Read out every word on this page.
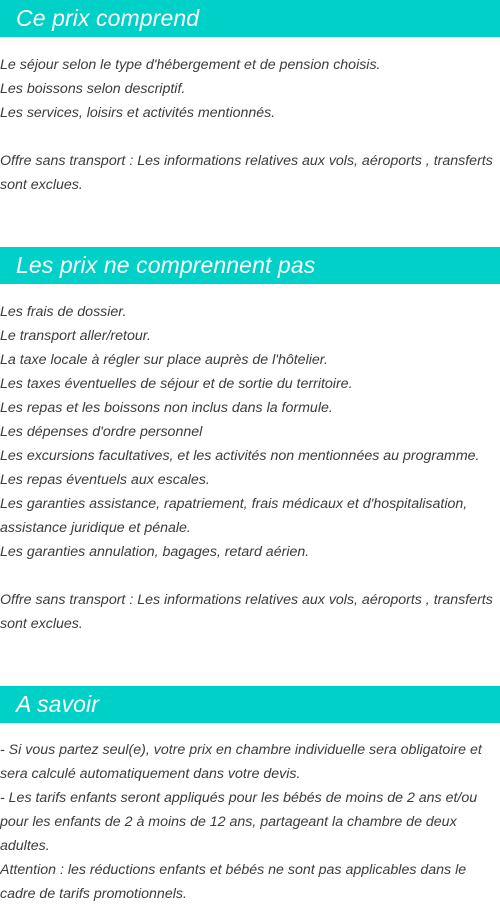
Ce prix comprend
Le séjour selon le type d'hébergement et de pension choisis.
Les boissons selon descriptif.
Les services, loisirs et activités mentionnés.
Offre sans transport : Les informations relatives aux vols, aéroports , transferts sont exclues.
Les prix ne comprennent pas
Les frais de dossier.
Le transport aller/retour.
La taxe locale à régler sur place auprès de l'hôtelier.
Les taxes éventuelles de séjour et de sortie du territoire.
Les repas et les boissons non inclus dans la formule.
Les dépenses d'ordre personnel
Les excursions facultatives, et les activités non mentionnées au programme.
Les repas éventuels aux escales.
Les garanties assistance, rapatriement, frais médicaux et d'hospitalisation, assistance juridique et pénale.
Les garanties annulation, bagages, retard aérien.
Offre sans transport : Les informations relatives aux vols, aéroports , transferts sont exclues.
A savoir
- Si vous partez seul(e), votre prix en chambre individuelle sera obligatoire et sera calculé automatiquement dans votre devis.
- Les tarifs enfants seront appliqués pour les bébés de moins de 2 ans et/ou pour les enfants de 2 à moins de 12 ans, partageant la chambre de deux adultes.
Attention : les réductions enfants et bébés ne sont pas applicables dans le cadre de tarifs promotionnels.
